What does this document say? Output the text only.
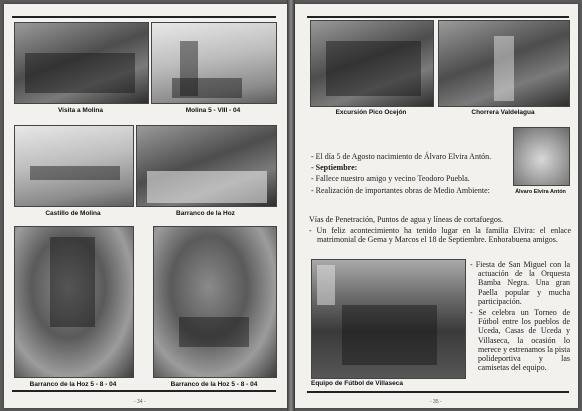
Visita a Molina	Molina 5 - VIII - 04
Castillo de Molina	Barranco de la Hoz
Barranco de la Hoz 5 - 8 - 04	Barranco de la Hoz 5 - 8 - 04
- 34 -
Excursión Pico Ocejón	Chorrera Valdelagua
Álvaro Elvira Antón

- El día 5 de Agosto nacimiento de Álvaro Elvira Antón.

- Septiembre:

- Fallece nuestro amigo y vecino Teodoro Puebla.

- Realización de importantes obras de Medio Ambiente:

Vías de Penetración, Puntos de agua y líneas de cortafuegos.

- Un feliz acontecimiento ha tenido lugar en la familia Elvira: el enlace matrimonial de Gema y Marcos el 18 de Septiembre. Enhorabuena amigos.

Equipo de Fútbol de Villaseca

- Fiesta de San Miguel con la actuación de la Orquesta Bamba Negra. Una gran Paella popular y mucha participación.

- Se celebra un Torneo de Fútbol entre los pueblos de Uceda, Casas de Uceda y Villaseca, la ocasión lo merece y estrenamos la pista polideportiva y las camisetas del equipo.

- 35 -
